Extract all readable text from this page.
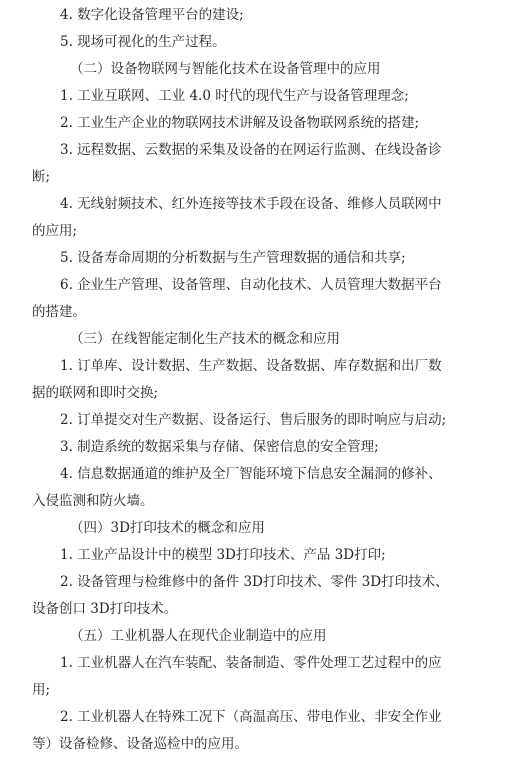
4. 数字化设备管理平台的建设;
5. 现场可视化的生产过程。
（二）设备物联网与智能化技术在设备管理中的应用
1. 工业互联网、工业 4.0 时代的现代生产与设备管理理念;
2. 工业生产企业的物联网技术讲解及设备物联网系统的搭建;
3. 远程数据、云数据的采集及设备的在网运行监测、在线设备诊
断;
4. 无线射频技术、红外连接等技术手段在设备、维修人员联网中
的应用;
5. 设备寿命周期的分析数据与生产管理数据的通信和共享;
6. 企业生产管理、设备管理、自动化技术、人员管理大数据平台
的搭建。
（三）在线智能定制化生产技术的概念和应用
1. 订单库、设计数据、生产数据、设备数据、库存数据和出厂数
据的联网和即时交换;
2. 订单提交对生产数据、设备运行、售后服务的即时响应与启动;
3. 制造系统的数据采集与存储、保密信息的安全管理;
4. 信息数据通道的维护及全厂智能环境下信息安全漏洞的修补、
入侵监测和防火墙。
（四）3D打印技术的概念和应用
1. 工业产品设计中的模型 3D打印技术、产品 3D打印;
2. 设备管理与检维修中的备件 3D打印技术、零件 3D打印技术、
设备创口 3D打印技术。
（五）工业机器人在现代企业制造中的应用
1. 工业机器人在汽车装配、装备制造、零件处理工艺过程中的应
用;
2. 工业机器人在特殊工况下（高温高压、带电作业、非安全作业
等）设备检修、设备巡检中的应用。
